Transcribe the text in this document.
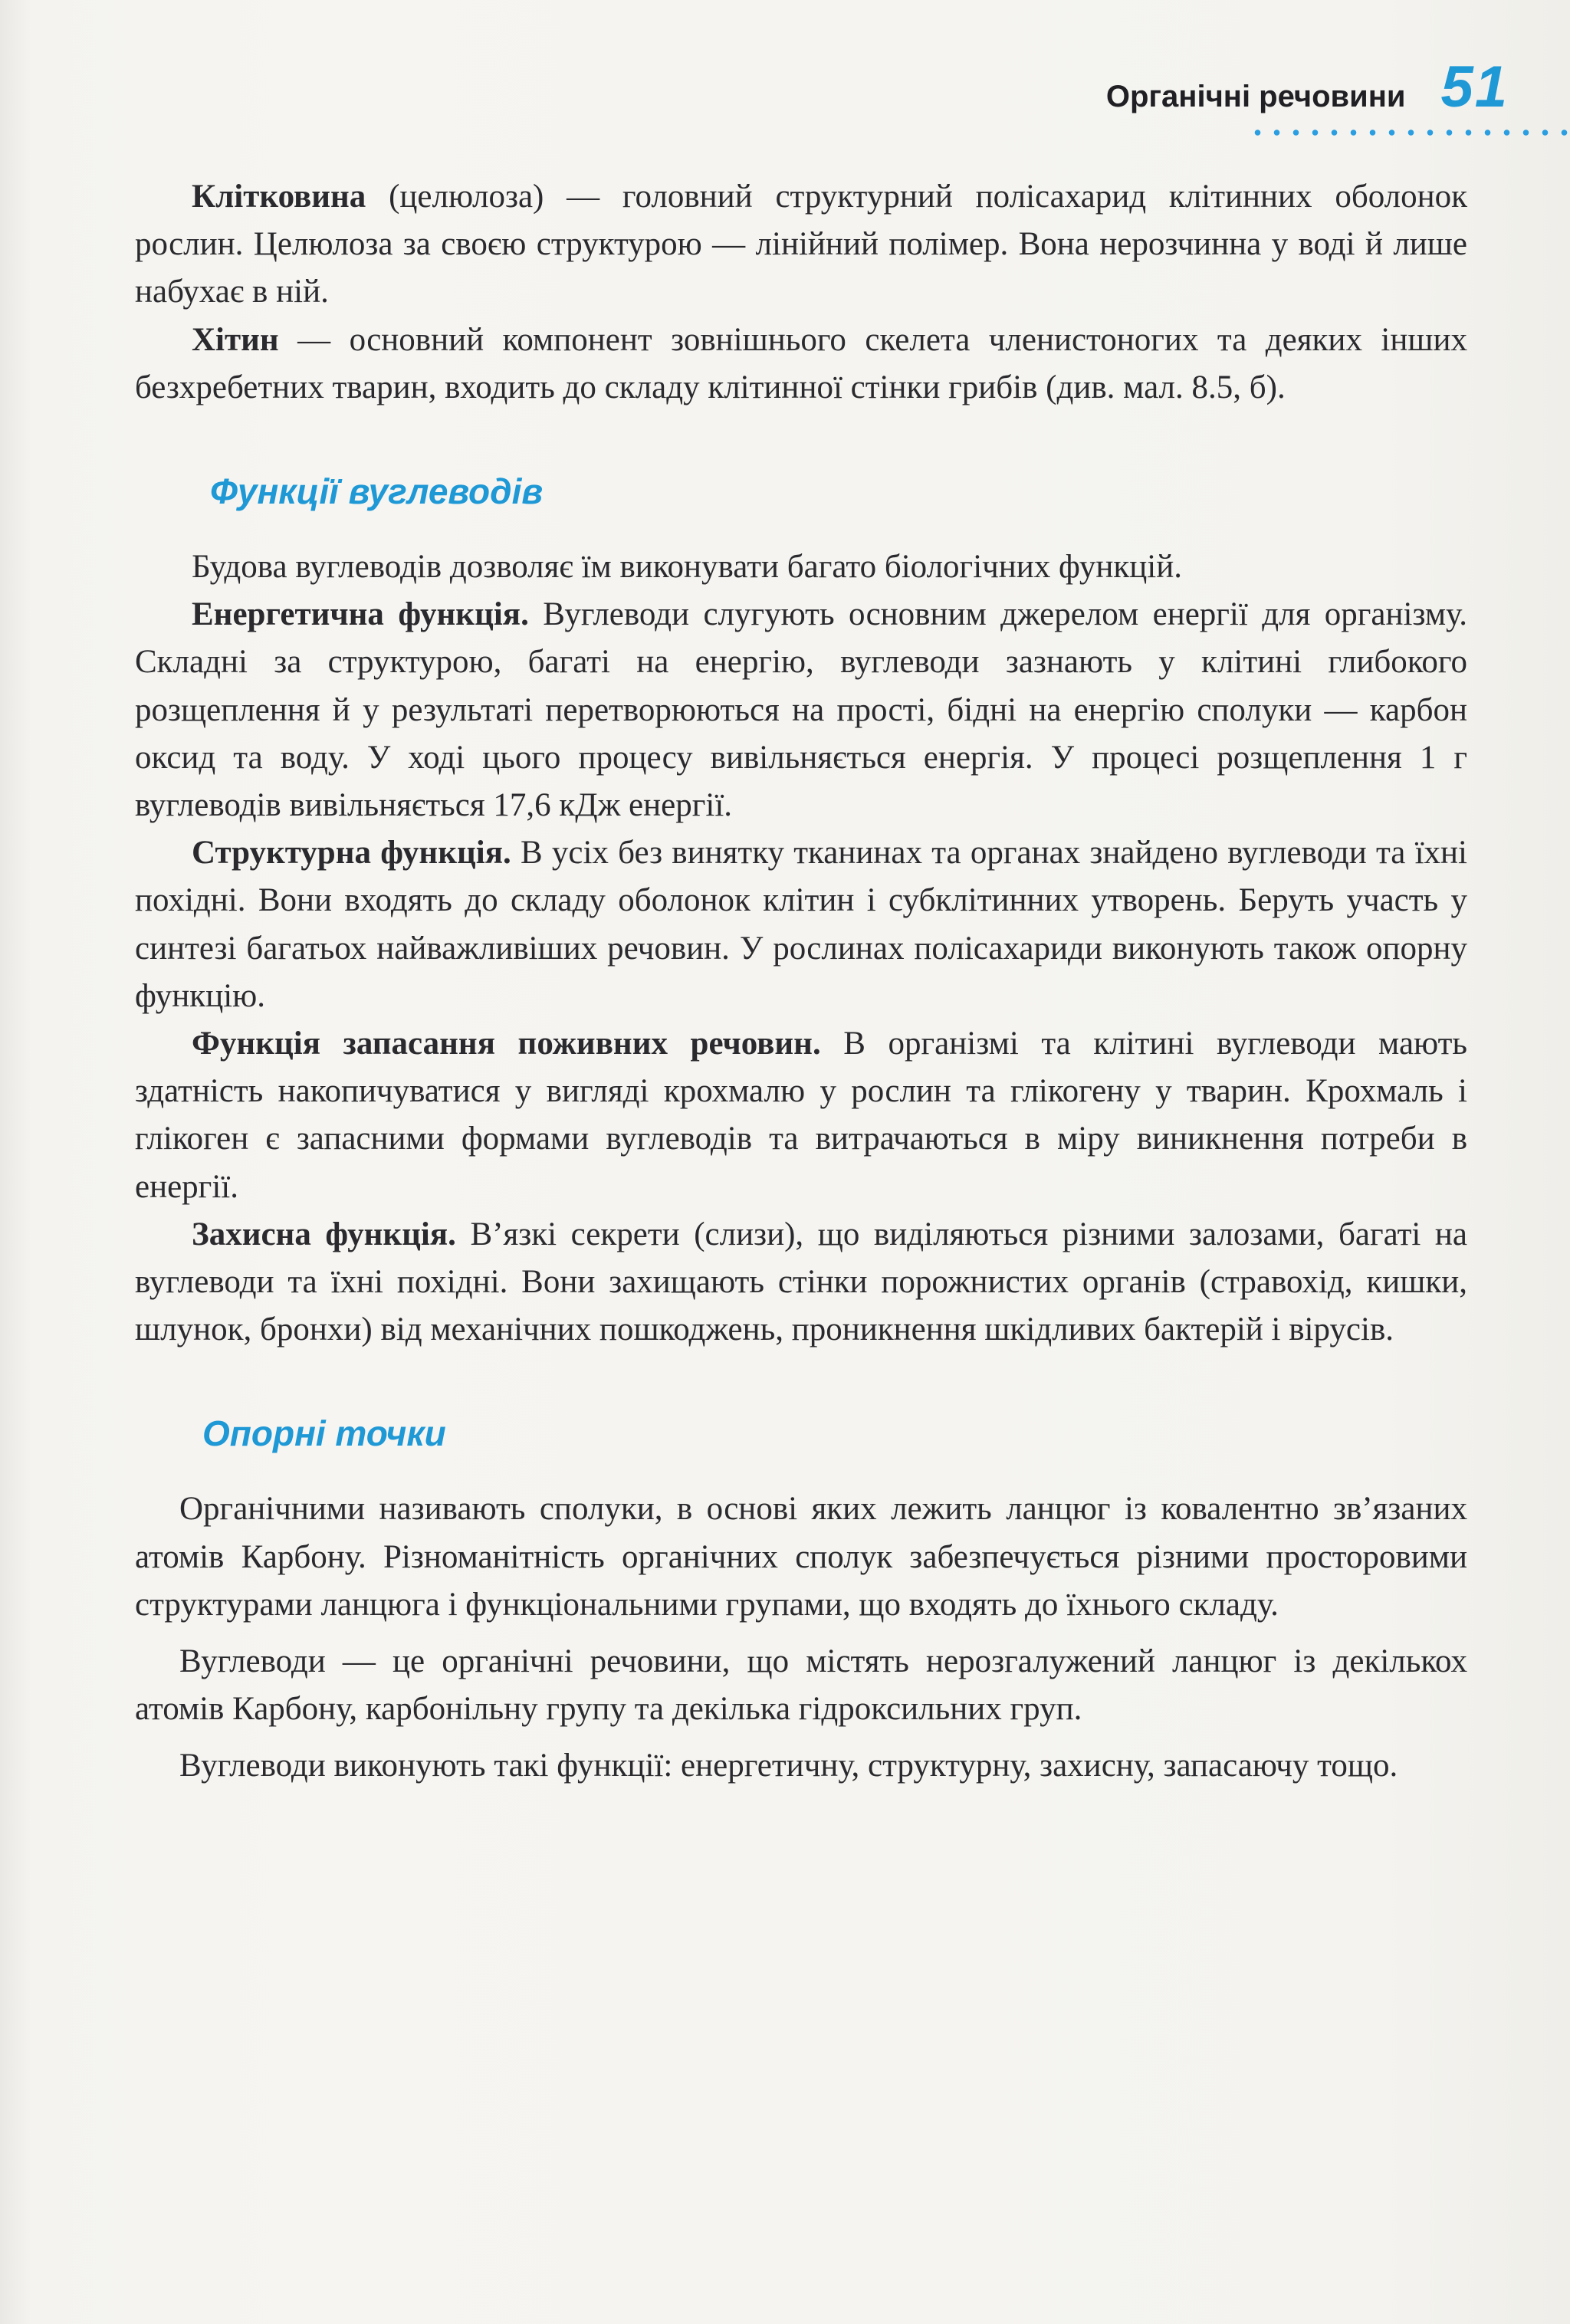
Органічні речовини 51

Клітковина (целюлоза) — головний структурний полісахарид клітинних оболонок рослин. Целюлоза за своєю структурою — лінійний полімер. Вона нерозчинна у воді й лише набухає в ній.

Хітин — основний компонент зовнішнього скелета членистоногих та деяких інших безхребетних тварин, входить до складу клітинної стінки грибів (див. мал. 8.5, б).

Функції вуглеводів

Будова вуглеводів дозволяє їм виконувати багато біологічних функцій.

Енергетична функція. Вуглеводи слугують основним джерелом енергії для організму. Складні за структурою, багаті на енергію, вуглеводи зазнають у клітині глибокого розщеплення й у результаті перетворюються на прості, бідні на енергію сполуки — карбон оксид та воду. У ході цього процесу вивільняється енергія. У процесі розщеплення 1 г вуглеводів вивільняється 17,6 кДж енергії.

Структурна функція. В усіх без винятку тканинах та органах знайдено вуглеводи та їхні похідні. Вони входять до складу оболонок клітин і субклітинних утворень. Беруть участь у синтезі багатьох найважливіших речовин. У рослинах полісахариди виконують також опорну функцію.

Функція запасання поживних речовин. В організмі та клітині вуглеводи мають здатність накопичуватися у вигляді крохмалю у рослин та глікогену у тварин. Крохмаль і глікоген є запасними формами вуглеводів та витрачаються в міру виникнення потреби в енергії.

Захисна функція. В’язкі секрети (слизи), що виділяються різними залозами, багаті на вуглеводи та їхні похідні. Вони захищають стінки порожнистих органів (стравохід, кишки, шлунок, бронхи) від механічних пошкоджень, проникнення шкідливих бактерій і вірусів.

Опорні точки

Органічними називають сполуки, в основі яких лежить ланцюг із ковалентно зв’язаних атомів Карбону. Різноманітність органічних сполук забезпечується різними просторовими структурами ланцюга і функціональними групами, що входять до їхнього складу.

Вуглеводи — це органічні речовини, що містять нерозгалужений ланцюг із декількох атомів Карбону, карбонільну групу та декілька гідроксильних груп.

Вуглеводи виконують такі функції: енергетичну, структурну, захисну, запасаючу тощо.
